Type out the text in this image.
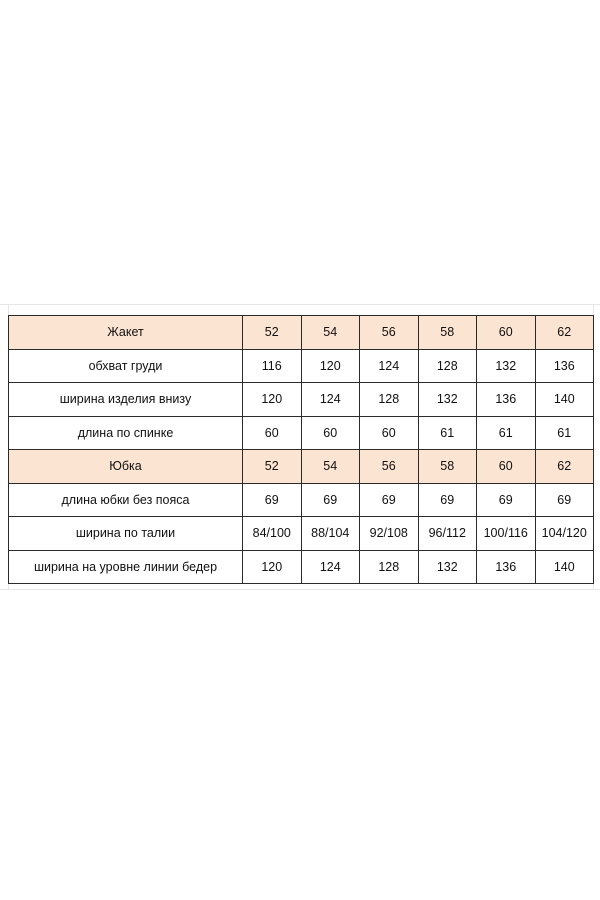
Жакет	52	54	56	58	60	62
обхват груди	116	120	124	128	132	136
ширина изделия внизу	120	124	128	132	136	140
длина по спинке	60	60	60	61	61	61
Юбка	52	54	56	58	60	62
длина юбки без пояса	69	69	69	69	69	69
ширина по талии	84/100	88/104	92/108	96/112	100/116	104/120
ширина на уровне линии бедер	120	124	128	132	136	140
